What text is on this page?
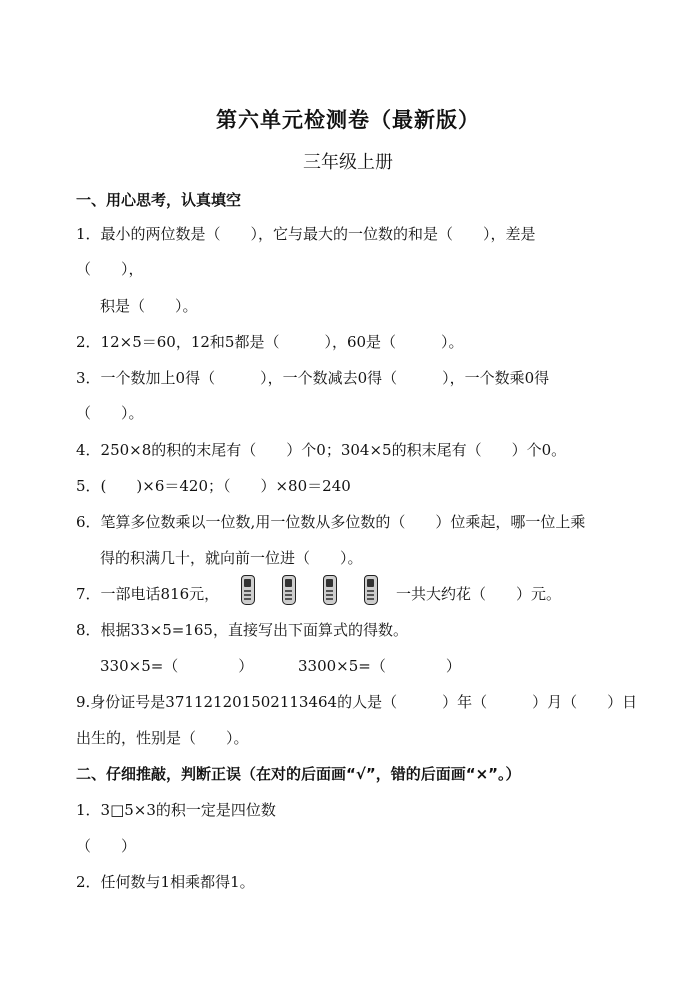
第六单元检测卷（最新版）
三年级上册
一、用心思考，认真填空
1．最小的两位数是（　　），它与最大的一位数的和是（　　），差是
（　　），
积是（　　）。
2．12×5＝60，12和5都是（　　　），60是（　　　）。
3．一个数加上0得（　　　），一个数减去0得（　　　），一个数乘0得
（　　）。
4．250×8的积的末尾有（　　）个0；304×5的积末尾有（　　）个0。
5．(　　)×6＝420；（　　）×80＝240
6．笔算多位数乘以一位数,用一位数从多位数的（　　）位乘起，哪一位上乘
得的积满几十，就向前一位进（　　）。
7．一部电话816元，	一共大约花（　　）元。
8．根据33×5=165，直接写出下面算式的得数。
330×5=（　　　　）	3300×5=（　　　　）
9.身份证号是371121201502113464的人是（　　　）年（　　　）月（　　）日
出生的，性别是（　　）。
二、仔细推敲，判断正误（在对的后面画“√”，错的后面画“×”。）
1．3□5×3的积一定是四位数
（　　）
2．任何数与1相乘都得1。
